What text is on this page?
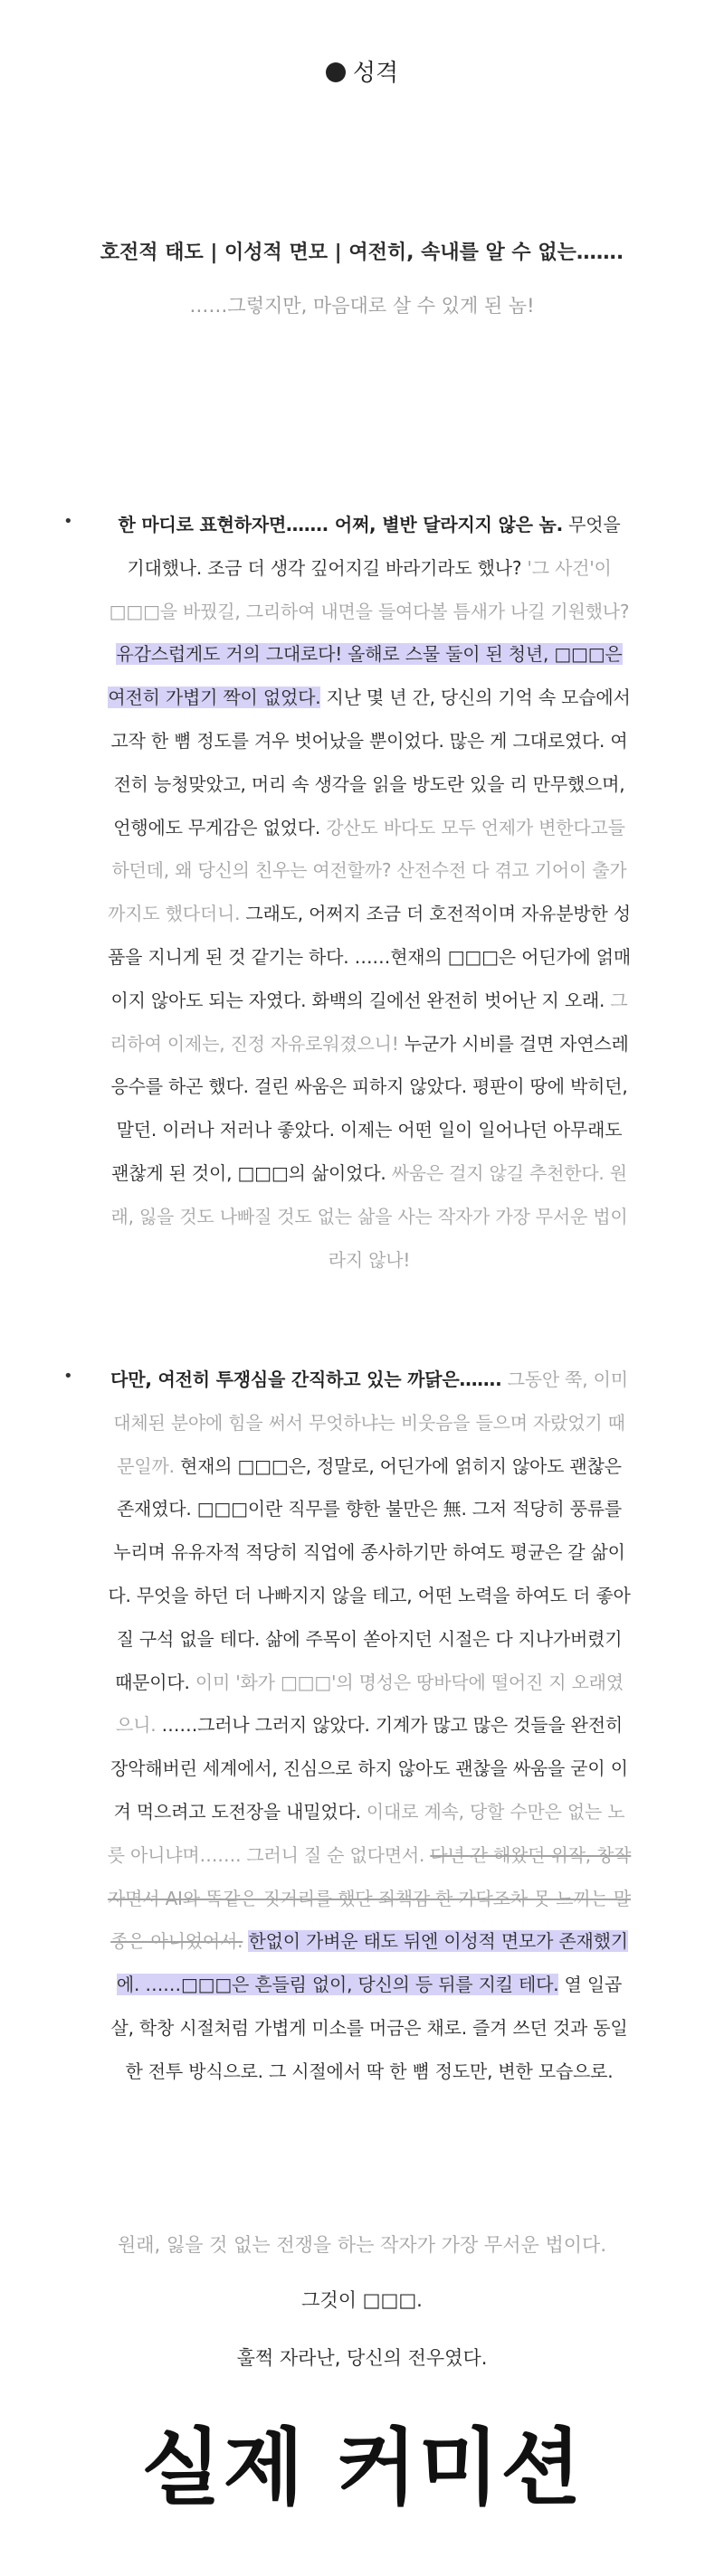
성격
호전적 태도 | 이성적 면모 | 여전히, 속내를 알 수 없는…….
……그렇지만, 마음대로 살 수 있게 된 놈!
•	한 마디로 표현하자면……. 어쩌, 별반 달라지지 않은 놈. 무엇을 기대했나. 조금 더 생각 깊어지길 바라기라도 했나? '그 사건'이 □□□을 바꿨길, 그리하여 내면을 들여다볼 틈새가 나길 기원했나? 유감스럽게도 거의 그대로다! 올해로 스물 둘이 된 청년, □□□은 여전히 가볍기 짝이 없었다. 지난 몇 년 간, 당신의 기억 속 모습에서 고작 한 뼘 정도를 겨우 벗어났을 뿐이었다. 많은 게 그대로였다. 여전히 능청맞았고, 머리 속 생각을 읽을 방도란 있을 리 만무했으며, 언행에도 무게감은 없었다. 강산도 바다도 모두 언제가 변한다고들 하던데, 왜 당신의 친우는 여전할까? 산전수전 다 겪고 기어이 출가까지도 했다더니. 그래도, 어쩌지 조금 더 호전적이며 자유분방한 성품을 지니게 된 것 같기는 하다. ……현재의 □□□은 어딘가에 얽매이지 않아도 되는 자였다. 화백의 길에선 완전히 벗어난 지 오래. 그리하여 이제는, 진정 자유로워졌으니! 누군가 시비를 걸면 자연스레 응수를 하곤 했다. 걸린 싸움은 피하지 않았다. 평판이 땅에 박히던, 말던. 이러나 저러나 좋았다. 이제는 어떤 일이 일어나던 아무래도 괜찮게 된 것이, □□□의 삶이었다. 싸움은 걸지 않길 추천한다. 원래, 잃을 것도 나빠질 것도 없는 삶을 사는 작자가 가장 무서운 법이라지 않나!
• 다만, 여전히 투쟁심을 간직하고 있는 까닭은……. 그동안 쭉, 이미 대체된 분야에 힘을 써서 무엇하냐는 비웃음을 들으며 자랐었기 때문일까. 현재의 □□□은, 정말로, 어딘가에 얽히지 않아도 괜찮은 존재였다. □□□이란 직무를 향한 불만은 無. 그저 적당히 풍류를 누리며 유유자적 적당히 직업에 종사하기만 하여도 평균은 갈 삶이다. 무엇을 하던 더 나빠지지 않을 테고, 어떤 노력을 하여도 더 좋아질 구석 없을 테다. 삶에 주목이 쏟아지던 시절은 다 지나가버렸기 때문이다. 이미 '화가 □□□'의 명성은 땅바닥에 떨어진 지 오래였으니. ……그러나 그러지 않았다. 기계가 많고 많은 것들을 완전히 장악해버린 세계에서, 진심으로 하지 않아도 괜찮을 싸움을 굳이 이겨 먹으려고 도전장을 내밀었다. 이대로 계속, 당할 수만은 없는 노릇 아니냐며……. 그러니 질 순 없다면서. 다년 간 해왔던 위작, 창작자면서 AI와 똑같은 짓거리를 했단 죄책감 한 가닥조차 못 느끼는 말종은 아니었어서. 한없이 가벼운 태도 뒤엔 이성적 면모가 존재했기에. ……□□□은 흔들림 없이, 당신의 등 뒤를 지킬 테다. 열 일곱 살, 학창 시절처럼 가볍게 미소를 머금은 채로. 즐겨 쓰던 것과 동일한 전투 방식으로. 그 시절에서 딱 한 뼘 정도만, 변한 모습으로.
원래, 잃을 것 없는 전쟁을 하는 작자가 가장 무서운 법이다.
그것이 □□□.
훌쩍 자라난, 당신의 전우였다.
실제 커미션
